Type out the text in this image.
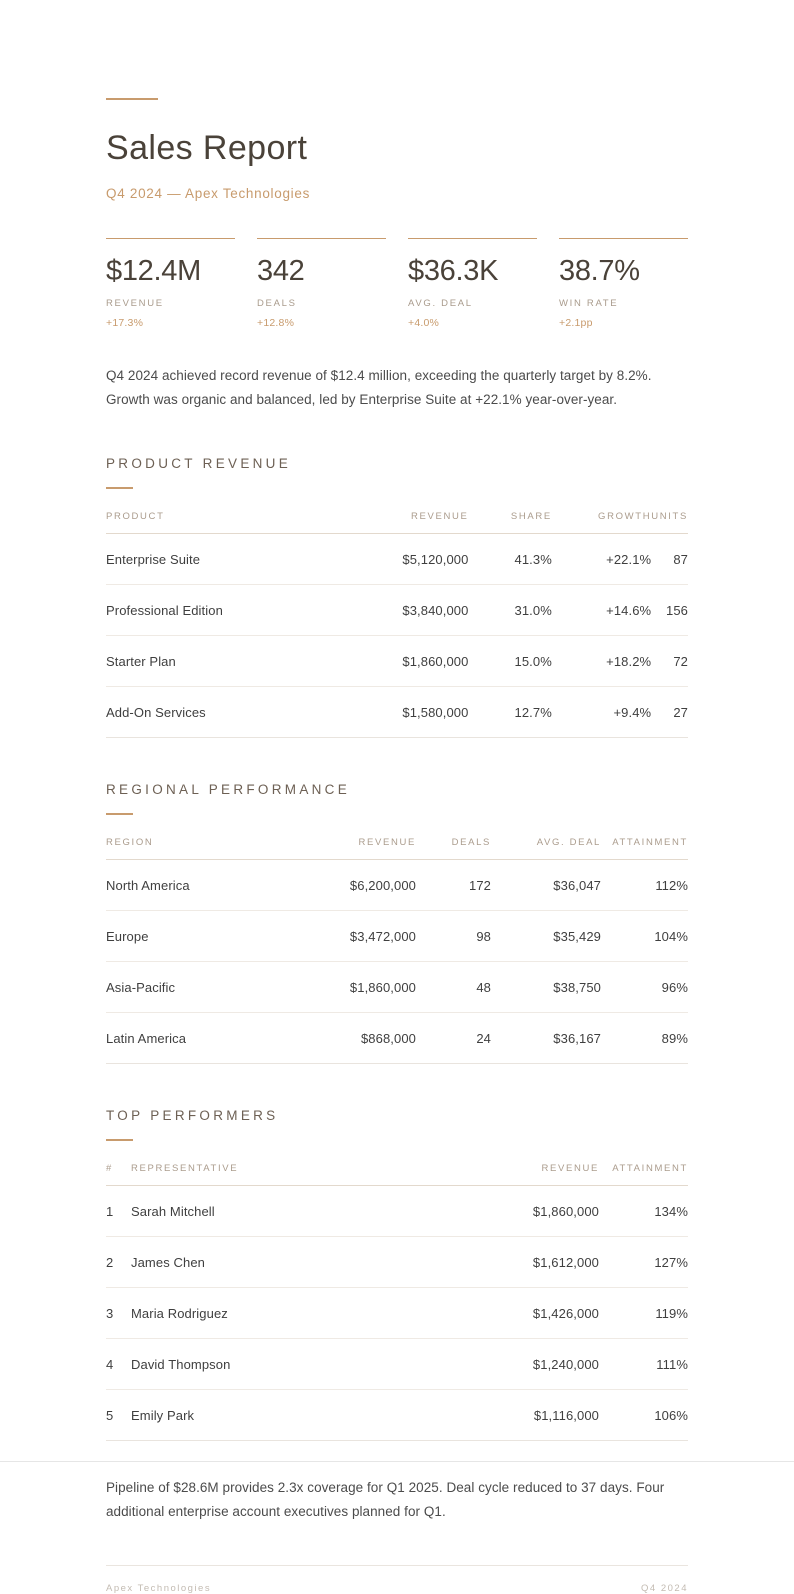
Sales Report
Q4 2024 — Apex Technologies
$12.4M
REVENUE
+17.3%
342
DEALS
+12.8%
$36.3K
AVG. DEAL
+4.0%
38.7%
WIN RATE
+2.1pp

Q4 2024 achieved record revenue of $12.4 million, exceeding the quarterly target by 8.2%. Growth was organic and balanced, led by Enterprise Suite at +22.1% year-over-year.

PRODUCT REVENUE
PRODUCT	REVENUE	SHARE	GROWTH	UNITS
Enterprise Suite	$5,120,000	41.3%	+22.1%	87
Professional Edition	$3,840,000	31.0%	+14.6%	156
Starter Plan	$1,860,000	15.0%	+18.2%	72
Add-On Services	$1,580,000	12.7%	+9.4%	27
REGIONAL PERFORMANCE
REGION	REVENUE	DEALS	AVG. DEAL	ATTAINMENT
North America	$6,200,000	172	$36,047	112%
Europe	$3,472,000	98	$35,429	104%
Asia-Pacific	$1,860,000	48	$38,750	96%
Latin America	$868,000	24	$36,167	89%
TOP PERFORMERS
#	REPRESENTATIVE	REVENUE	ATTAINMENT
1	Sarah Mitchell	$1,860,000	134%
2	James Chen	$1,612,000	127%
3	Maria Rodriguez	$1,426,000	119%
4	David Thompson	$1,240,000	111%
5	Emily Park	$1,116,000	106%

Pipeline of $28.6M provides 2.3x coverage for Q1 2025. Deal cycle reduced to 37 days. Four additional enterprise account executives planned for Q1.

Apex Technologies	Q4 2024
